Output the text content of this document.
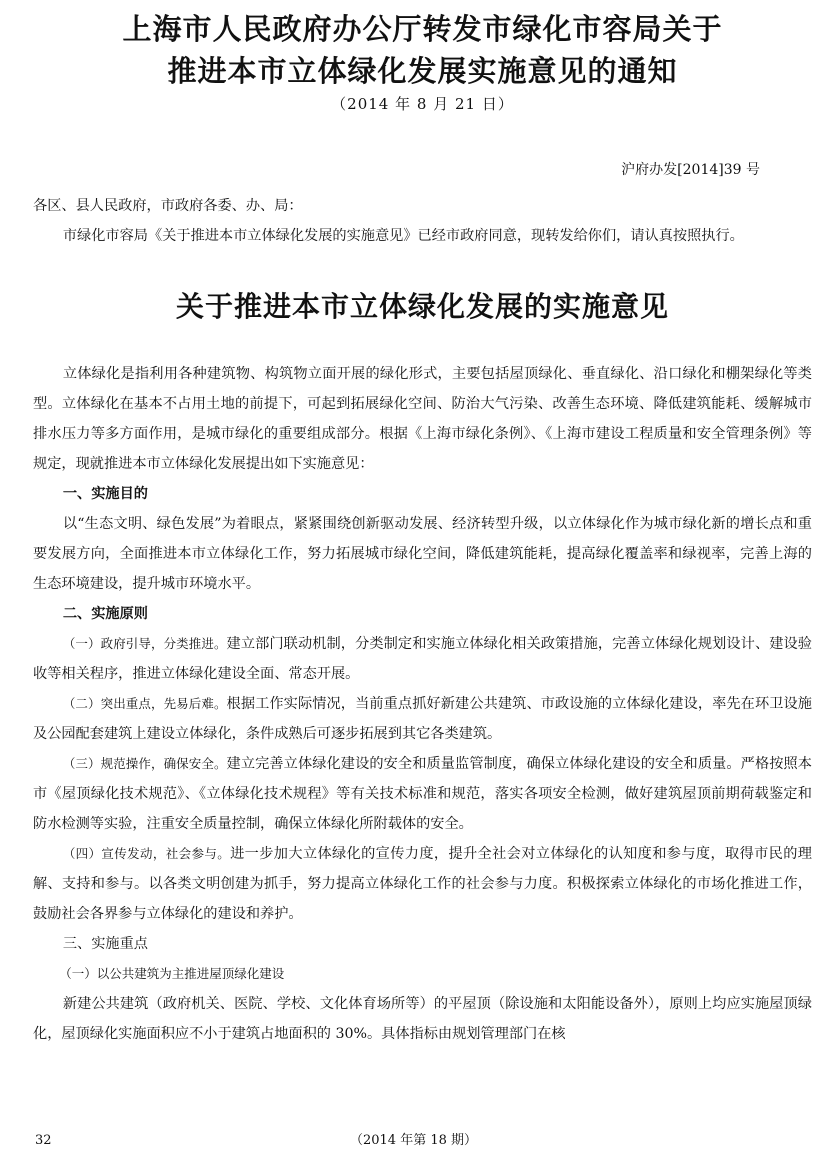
上海市人民政府办公厅转发市绿化市容局关于
推进本市立体绿化发展实施意见的通知
（2014 年 8 月 21 日）
沪府办发[2014]39 号

各区、县人民政府，市政府各委、办、局：

市绿化市容局《关于推进本市立体绿化发展的实施意见》已经市政府同意，现转发给你们，请认真按照执行。

关于推进本市立体绿化发展的实施意见

立体绿化是指利用各种建筑物、构筑物立面开展的绿化形式，主要包括屋顶绿化、垂直绿化、沿口绿化和棚架绿化等类型。立体绿化在基本不占用土地的前提下，可起到拓展绿化空间、防治大气污染、改善生态环境、降低建筑能耗、缓解城市排水压力等多方面作用，是城市绿化的重要组成部分。根据《上海市绿化条例》、《上海市建设工程质量和安全管理条例》等规定，现就推进本市立体绿化发展提出如下实施意见：

一、实施目的

以“生态文明、绿色发展”为着眼点，紧紧围绕创新驱动发展、经济转型升级，以立体绿化作为城市绿化新的增长点和重要发展方向，全面推进本市立体绿化工作，努力拓展城市绿化空间，降低建筑能耗，提高绿化覆盖率和绿视率，完善上海的生态环境建设，提升城市环境水平。

二、实施原则

（一）政府引导，分类推进。建立部门联动机制，分类制定和实施立体绿化相关政策措施，完善立体绿化规划设计、建设验收等相关程序，推进立体绿化建设全面、常态开展。

（二）突出重点，先易后难。根据工作实际情况，当前重点抓好新建公共建筑、市政设施的立体绿化建设，率先在环卫设施及公园配套建筑上建设立体绿化，条件成熟后可逐步拓展到其它各类建筑。

（三）规范操作，确保安全。建立完善立体绿化建设的安全和质量监管制度，确保立体绿化建设的安全和质量。严格按照本市《屋顶绿化技术规范》、《立体绿化技术规程》等有关技术标准和规范，落实各项安全检测，做好建筑屋顶前期荷载鉴定和防水检测等实验，注重安全质量控制，确保立体绿化所附载体的安全。

（四）宣传发动，社会参与。进一步加大立体绿化的宣传力度，提升全社会对立体绿化的认知度和参与度，取得市民的理解、支持和参与。以各类文明创建为抓手，努力提高立体绿化工作的社会参与力度。积极探索立体绿化的市场化推进工作，鼓励社会各界参与立体绿化的建设和养护。

三、实施重点
（一）以公共建筑为主推进屋顶绿化建设

新建公共建筑（政府机关、医院、学校、文化体育场所等）的平屋顶（除设施和太阳能设备外），原则上均应实施屋顶绿化，屋顶绿化实施面积应不小于建筑占地面积的 30%。具体指标由规划管理部门在核

32	（2014 年第 18 期）
